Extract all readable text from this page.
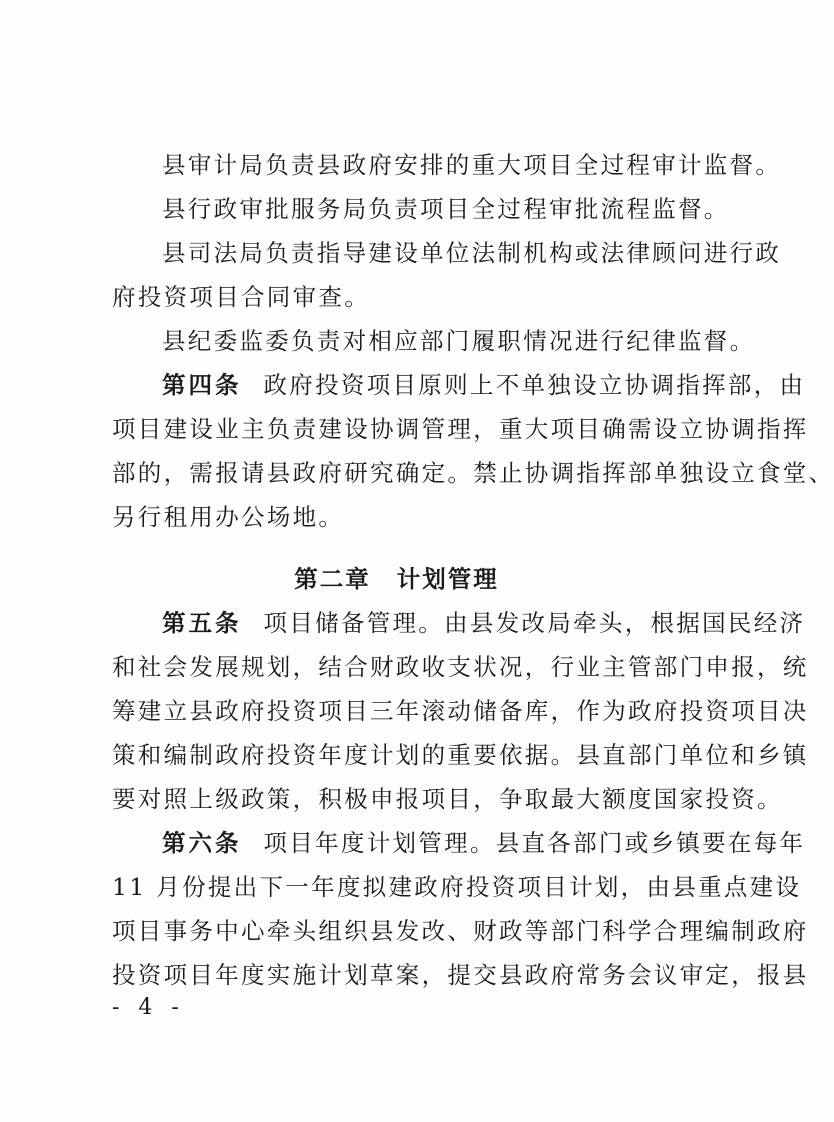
县审计局负责县政府安排的重大项目全过程审计监督。
县行政审批服务局负责项目全过程审批流程监督。
县司法局负责指导建设单位法制机构或法律顾问进行政
府投资项目合同审查。
县纪委监委负责对相应部门履职情况进行纪律监督。
第四条 政府投资项目原则上不单独设立协调指挥部，由
项目建设业主负责建设协调管理，重大项目确需设立协调指挥
部的，需报请县政府研究确定。禁止协调指挥部单独设立食堂、
另行租用办公场地。
第二章 计划管理
第五条 项目储备管理。由县发改局牵头，根据国民经济
和社会发展规划，结合财政收支状况，行业主管部门申报，统
筹建立县政府投资项目三年滚动储备库，作为政府投资项目决
策和编制政府投资年度计划的重要依据。县直部门单位和乡镇
要对照上级政策，积极申报项目，争取最大额度国家投资。
第六条 项目年度计划管理。县直各部门或乡镇要在每年
11 月份提出下一年度拟建政府投资项目计划，由县重点建设
项目事务中心牵头组织县发改、财政等部门科学合理编制政府
投资项目年度实施计划草案，提交县政府常务会议审定，报县
- 4 -
